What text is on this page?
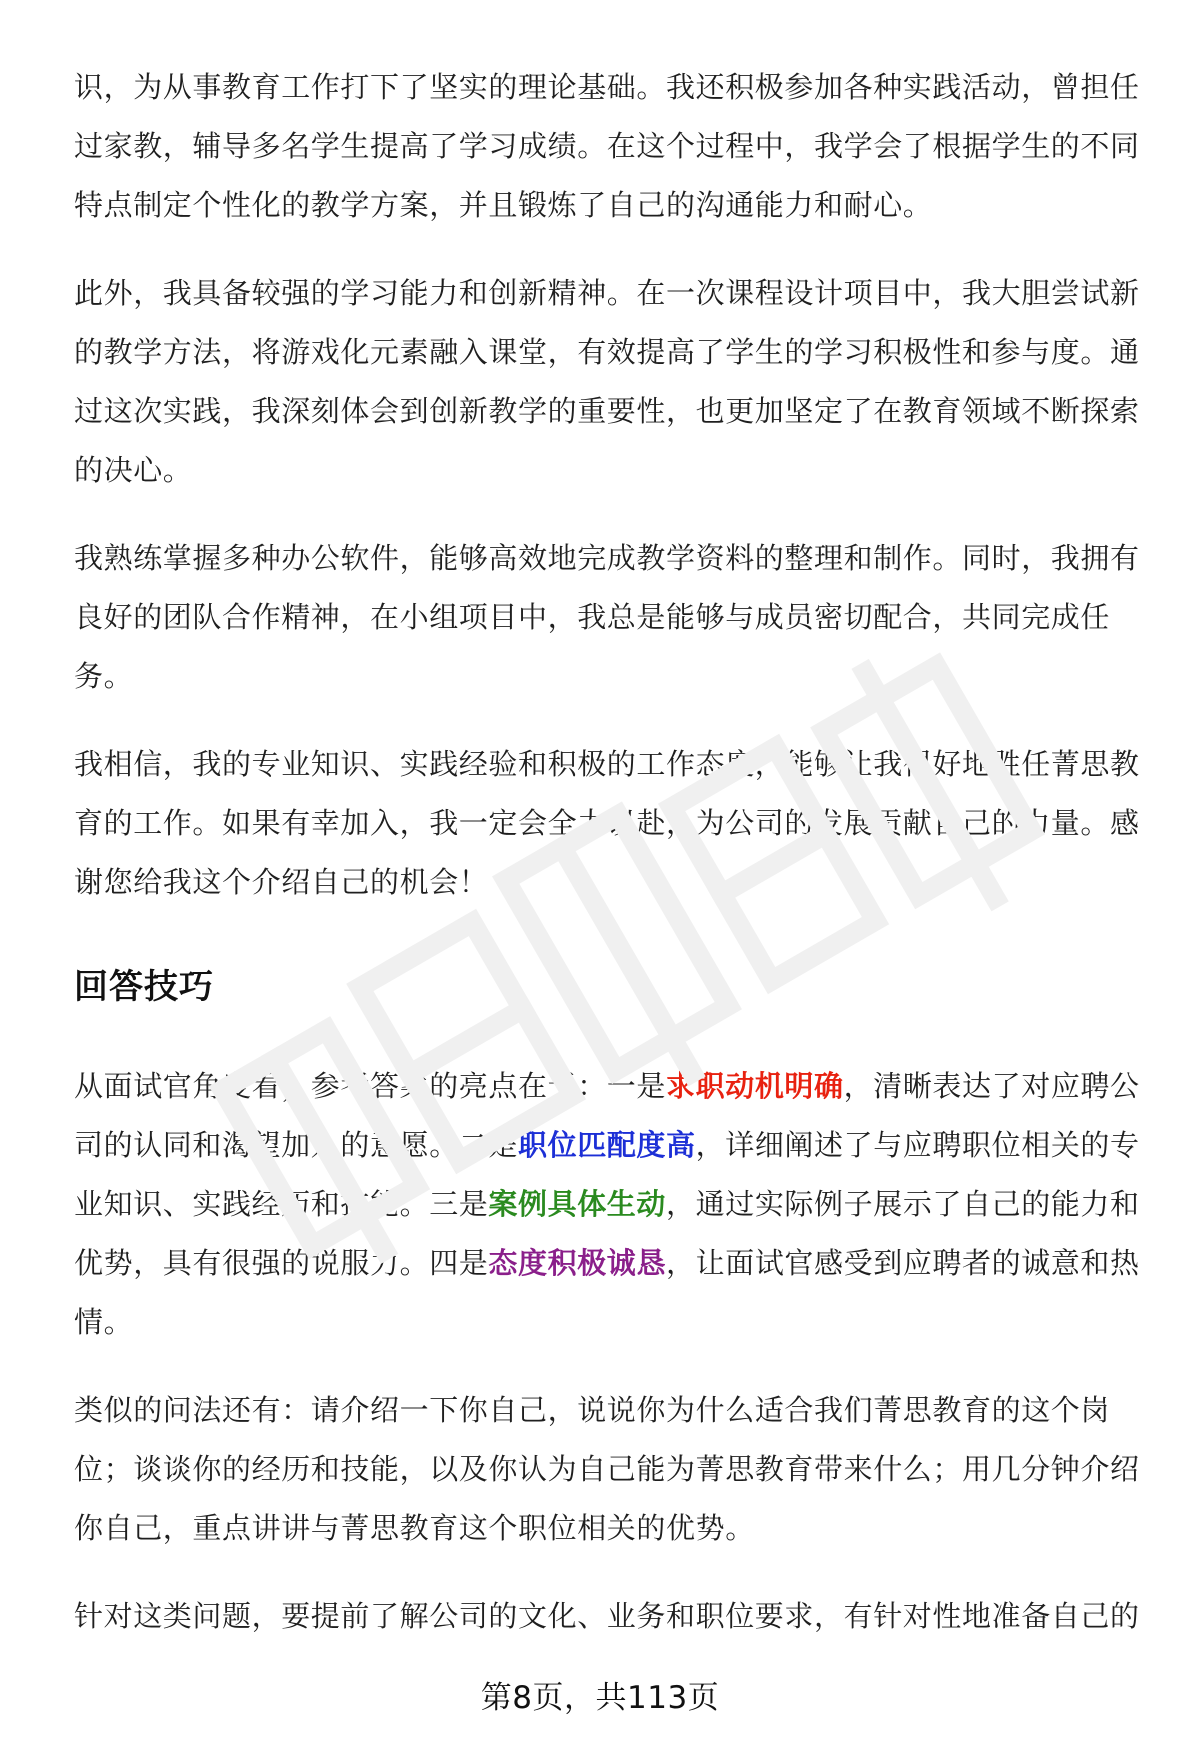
识，为从事教育工作打下了坚实的理论基础。我还积极参加各种实践活动，曾担任过家教，辅导多名学生提高了学习成绩。在这个过程中，我学会了根据学生的不同特点制定个性化的教学方案，并且锻炼了自己的沟通能力和耐心。

此外，我具备较强的学习能力和创新精神。在一次课程设计项目中，我大胆尝试新的教学方法，将游戏化元素融入课堂，有效提高了学生的学习积极性和参与度。通过这次实践，我深刻体会到创新教学的重要性，也更加坚定了在教育领域不断探索的决心。

我熟练掌握多种办公软件，能够高效地完成教学资料的整理和制作。同时，我拥有良好的团队合作精神，在小组项目中，我总是能够与成员密切配合，共同完成任务。

我相信，我的专业知识、实践经验和积极的工作态度，能够让我很好地胜任菁思教育的工作。如果有幸加入，我一定会全力以赴，为公司的发展贡献自己的力量。感谢您给我这个介绍自己的机会！

回答技巧

从面试官角度看，参考答案的亮点在于：一是求职动机明确，清晰表达了对应聘公司的认同和渴望加入的意愿。二是职位匹配度高，详细阐述了与应聘职位相关的专业知识、实践经历和技能。三是案例具体生动，通过实际例子展示了自己的能力和优势，具有很强的说服力。四是态度积极诚恳，让面试官感受到应聘者的诚意和热情。

类似的问法还有：请介绍一下你自己，说说你为什么适合我们菁思教育的这个岗位；谈谈你的经历和技能，以及你认为自己能为菁思教育带来什么；用几分钟介绍你自己，重点讲讲与菁思教育这个职位相关的优势。

针对这类问题，要提前了解公司的文化、业务和职位要求，有针对性地准备自己的

第8页，共113页
